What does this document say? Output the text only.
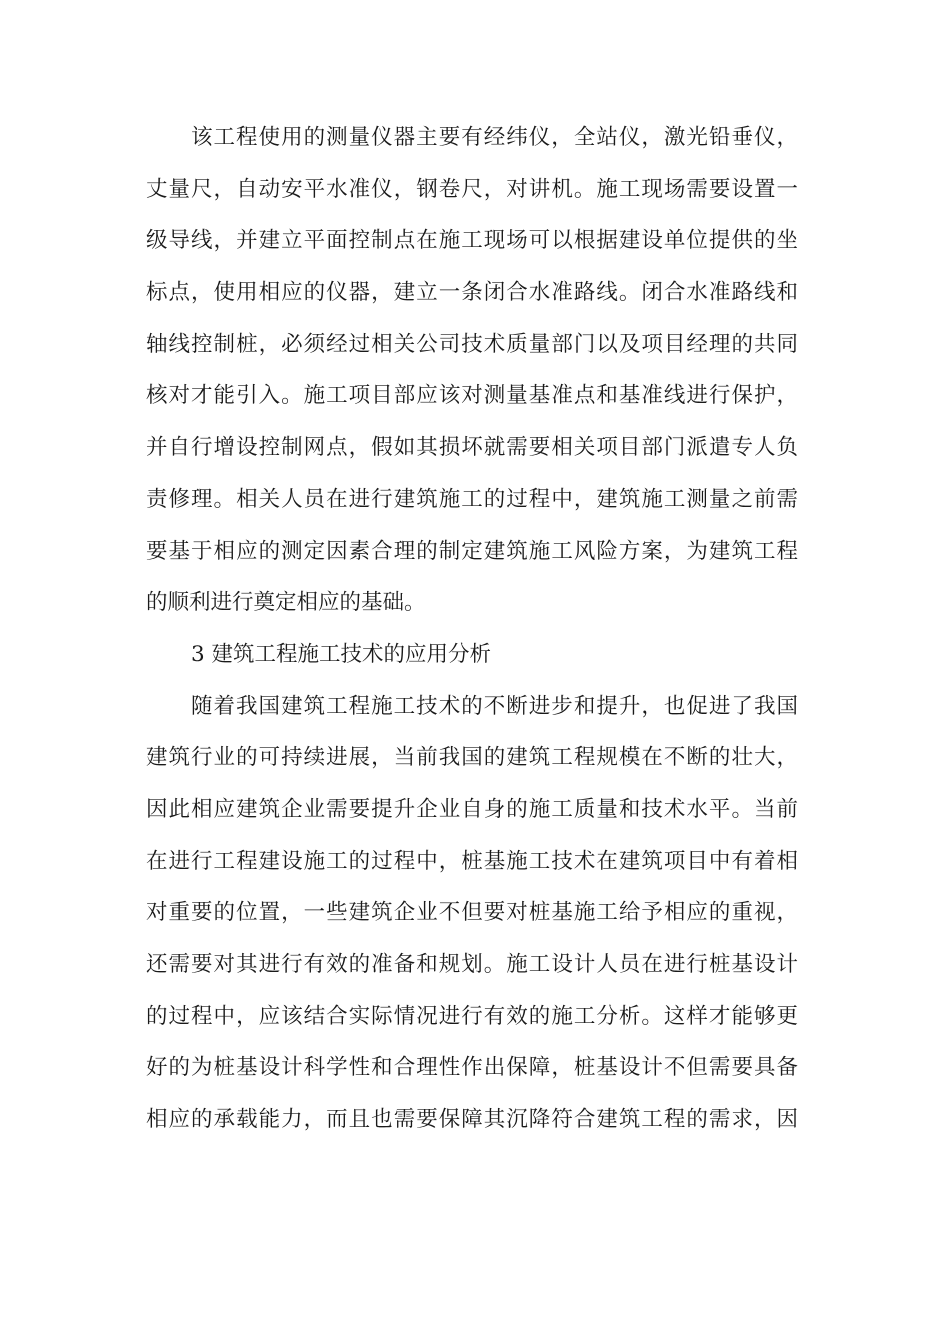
该工程使用的测量仪器主要有经纬仪，全站仪，激光铅垂仪，
丈量尺，自动安平水准仪，钢卷尺，对讲机。施工现场需要设置一
级导线，并建立平面控制点在施工现场可以根据建设单位提供的坐
标点，使用相应的仪器，建立一条闭合水准路线。闭合水准路线和
轴线控制桩，必须经过相关公司技术质量部门以及项目经理的共同
核对才能引入。施工项目部应该对测量基准点和基准线进行保护，
并自行增设控制网点，假如其损坏就需要相关项目部门派遣专人负
责修理。相关人员在进行建筑施工的过程中，建筑施工测量之前需
要基于相应的测定因素合理的制定建筑施工风险方案，为建筑工程
的顺利进行奠定相应的基础。
3 建筑工程施工技术的应用分析
随着我国建筑工程施工技术的不断进步和提升，也促进了我国
建筑行业的可持续进展，当前我国的建筑工程规模在不断的壮大，
因此相应建筑企业需要提升企业自身的施工质量和技术水平。当前
在进行工程建设施工的过程中，桩基施工技术在建筑项目中有着相
对重要的位置，一些建筑企业不但要对桩基施工给予相应的重视，
还需要对其进行有效的准备和规划。施工设计人员在进行桩基设计
的过程中，应该结合实际情况进行有效的施工分析。这样才能够更
好的为桩基设计科学性和合理性作出保障，桩基设计不但需要具备
相应的承载能力，而且也需要保障其沉降符合建筑工程的需求，因
